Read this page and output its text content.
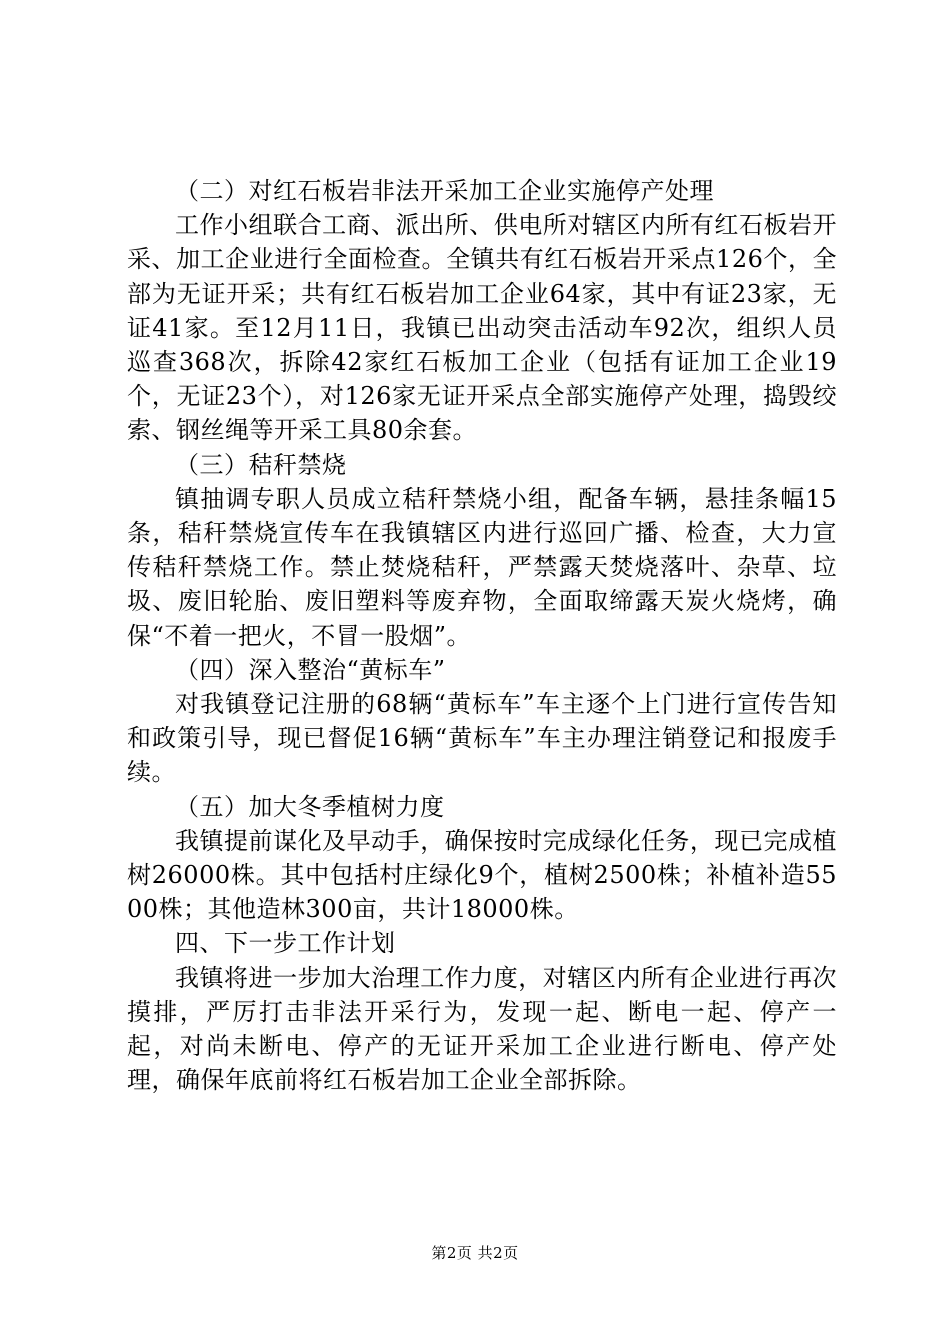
（二）对红石板岩非法开采加工企业实施停产处理

工作小组联合工商、派出所、供电所对辖区内所有红石板岩开采、加工企业进行全面检查。全镇共有红石板岩开采点126个，全部为无证开采；共有红石板岩加工企业64家，其中有证23家，无证41家。至12月11日，我镇已出动突击活动车92次，组织人员巡查368次，拆除42家红石板加工企业（包括有证加工企业19个，无证23个），对126家无证开采点全部实施停产处理，捣毁绞索、钢丝绳等开采工具80余套。

（三）秸秆禁烧

镇抽调专职人员成立秸秆禁烧小组，配备车辆，悬挂条幅15条，秸秆禁烧宣传车在我镇辖区内进行巡回广播、检查，大力宣传秸秆禁烧工作。禁止焚烧秸秆，严禁露天焚烧落叶、杂草、垃圾、废旧轮胎、废旧塑料等废弃物，全面取缔露天炭火烧烤，确保“不着一把火，不冒一股烟”。

（四）深入整治“黄标车”

对我镇登记注册的68辆“黄标车”车主逐个上门进行宣传告知和政策引导，现已督促16辆“黄标车”车主办理注销登记和报废手续。

（五）加大冬季植树力度

我镇提前谋化及早动手，确保按时完成绿化任务，现已完成植树26000株。其中包括村庄绿化9个，植树2500株；补植补造5500株；其他造林300亩，共计18000株。

四、下一步工作计划

我镇将进一步加大治理工作力度，对辖区内所有企业进行再次摸排，严厉打击非法开采行为，发现一起、断电一起、停产一起，对尚未断电、停产的无证开采加工企业进行断电、停产处理，确保年底前将红石板岩加工企业全部拆除。

第2页 共2页
